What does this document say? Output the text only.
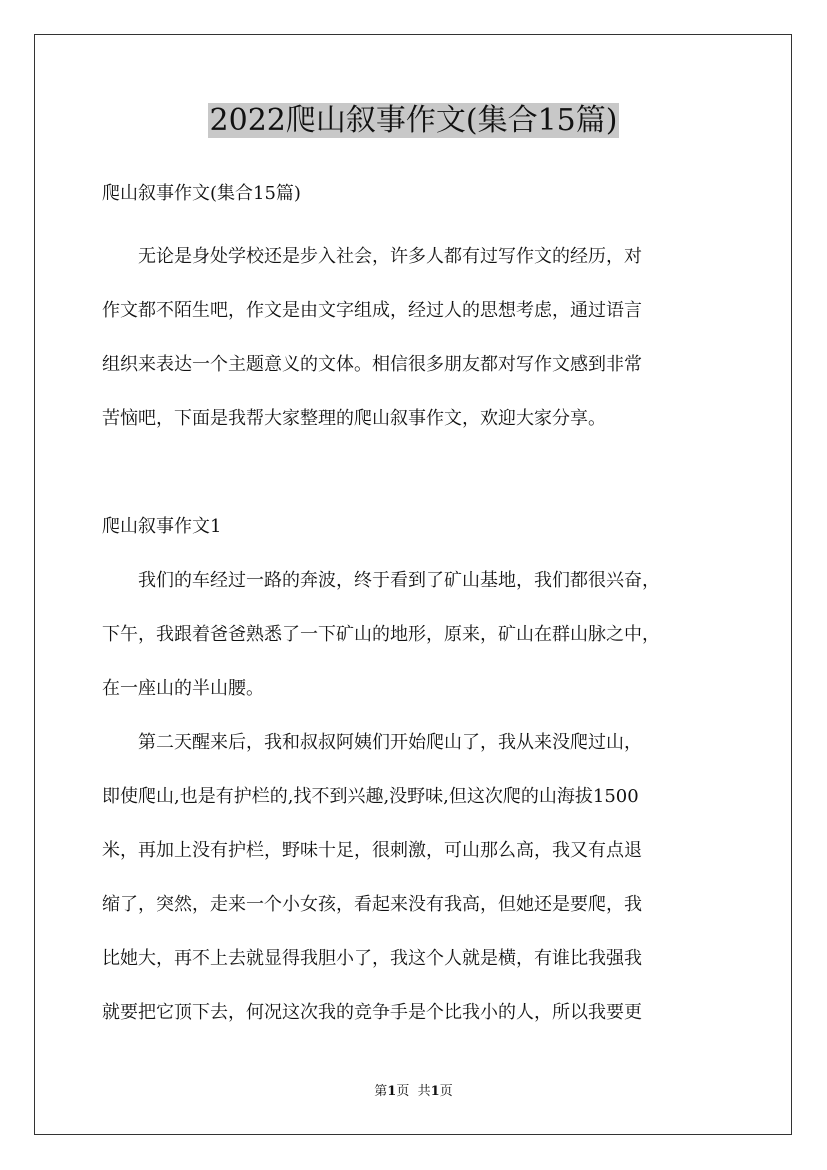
2022爬山叙事作文(集合15篇)

爬山叙事作文(集合15篇)

无论是身处学校还是步入社会，许多人都有过写作文的经历，对

作文都不陌生吧，作文是由文字组成，经过人的思想考虑，通过语言

组织来表达一个主题意义的文体。相信很多朋友都对写作文感到非常

苦恼吧，下面是我帮大家整理的爬山叙事作文，欢迎大家分享。

爬山叙事作文1

我们的车经过一路的奔波，终于看到了矿山基地，我们都很兴奋，

下午，我跟着爸爸熟悉了一下矿山的地形，原来，矿山在群山脉之中，

在一座山的半山腰。

第二天醒来后，我和叔叔阿姨们开始爬山了，我从来没爬过山，

即使爬山,也是有护栏的,找不到兴趣,没野味,但这次爬的山海拔1500

米，再加上没有护栏，野味十足，很刺激，可山那么高，我又有点退

缩了，突然，走来一个小女孩，看起来没有我高，但她还是要爬，我

比她大，再不上去就显得我胆小了，我这个人就是横，有谁比我强我

就要把它顶下去，何况这次我的竞争手是个比我小的人，所以我要更

第1页 共1页
